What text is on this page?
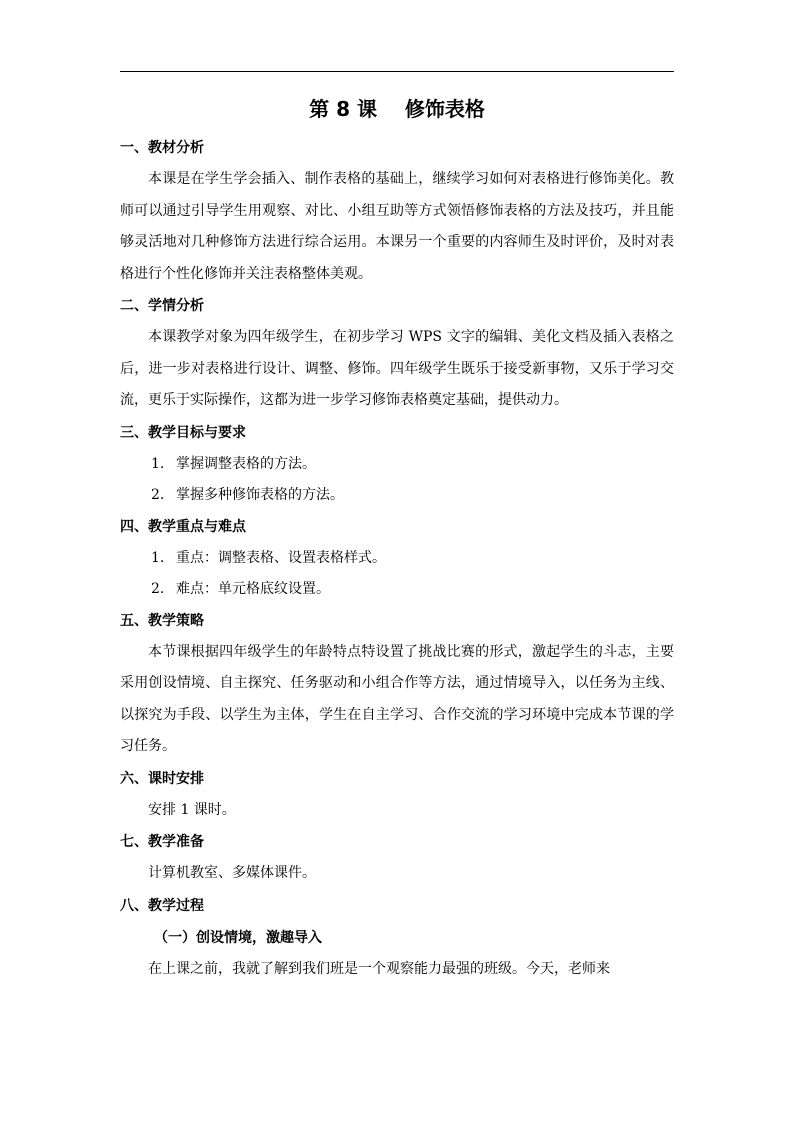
第 8 课    修饰表格
一、教材分析

本课是在学生学会插入、制作表格的基础上，继续学习如何对表格进行修饰美化。教师可以通过引导学生用观察、对比、小组互助等方式领悟修饰表格的方法及技巧，并且能够灵活地对几种修饰方法进行综合运用。本课另一个重要的内容师生及时评价，及时对表格进行个性化修饰并关注表格整体美观。

二、学情分析

本课教学对象为四年级学生，在初步学习 WPS 文字的编辑、美化文档及插入表格之后，进一步对表格进行设计、调整、修饰。四年级学生既乐于接受新事物，又乐于学习交流，更乐于实际操作，这都为进一步学习修饰表格奠定基础，提供动力。

三、教学目标与要求

1. 掌握调整表格的方法。

2. 掌握多种修饰表格的方法。

四、教学重点与难点

1. 重点：调整表格、设置表格样式。

2. 难点：单元格底纹设置。

五、教学策略

本节课根据四年级学生的年龄特点特设置了挑战比赛的形式，激起学生的斗志，主要采用创设情境、自主探究、任务驱动和小组合作等方法，通过情境导入，以任务为主线、以探究为手段、以学生为主体，学生在自主学习、合作交流的学习环境中完成本节课的学习任务。

六、课时安排

安排 1 课时。

七、教学准备

计算机教室、多媒体课件。

八、教学过程
（一）创设情境，激趣导入

在上课之前，我就了解到我们班是一个观察能力最强的班级。今天，老师来
